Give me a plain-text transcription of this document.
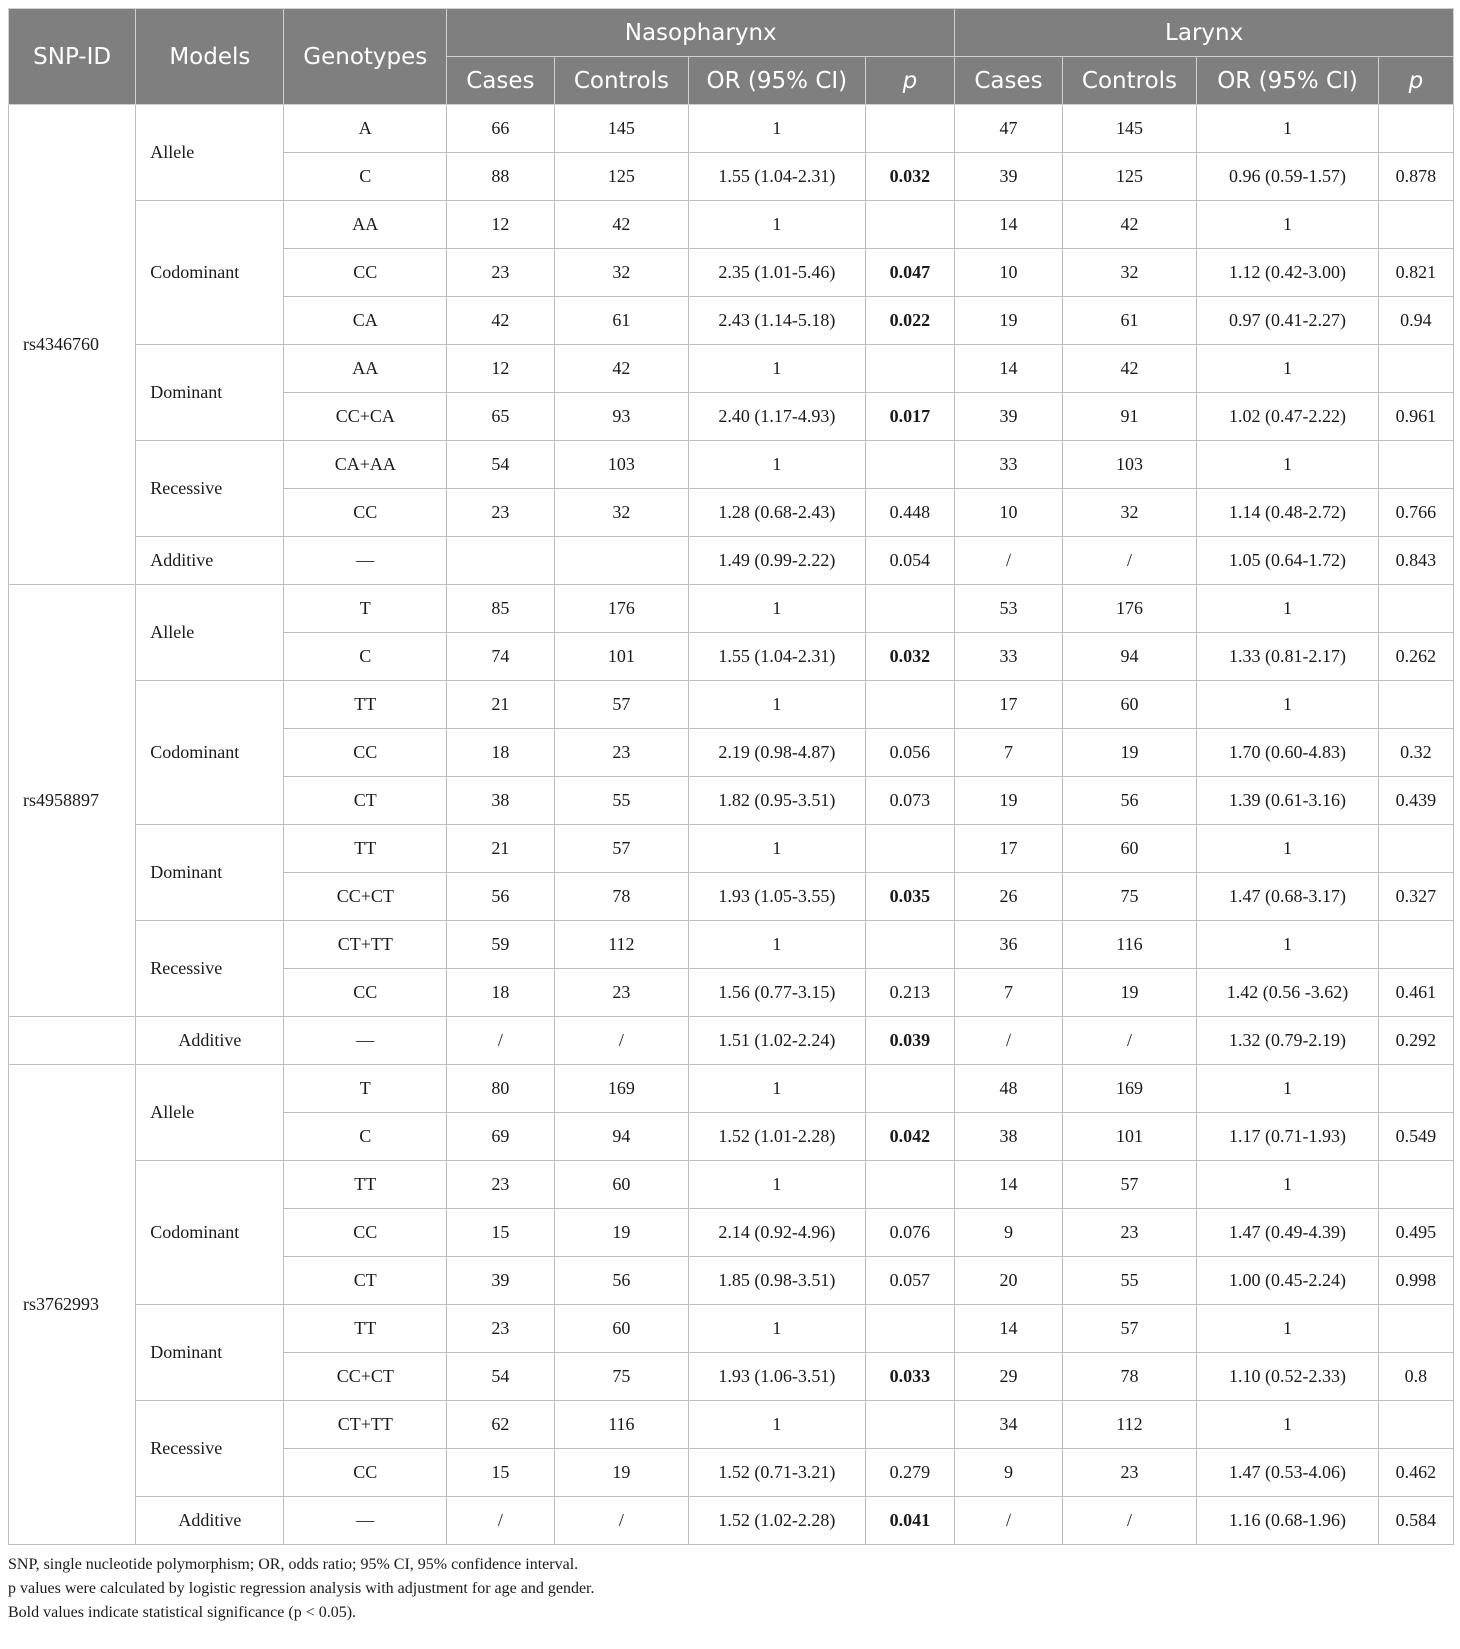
SNP-ID	Models	Genotypes	Nasopharynx				Larynx			
			Cases	Controls	OR (95% CI)	p	Cases	Controls	OR (95% CI)	p
rs4346760	Allele	A	66	145	1		47	145	1	
		C	88	125	1.55 (1.04-2.31)	0.032	39	125	0.96 (0.59-1.57)	0.878
	Codominant	AA	12	42	1		14	42	1	
		CC	23	32	2.35 (1.01-5.46)	0.047	10	32	1.12 (0.42-3.00)	0.821
		CA	42	61	2.43 (1.14-5.18)	0.022	19	61	0.97 (0.41-2.27)	0.94
	Dominant	AA	12	42	1		14	42	1	
		CC+CA	65	93	2.40 (1.17-4.93)	0.017	39	91	1.02 (0.47-2.22)	0.961
	Recessive	CA+AA	54	103	1		33	103	1	
		CC	23	32	1.28 (0.68-2.43)	0.448	10	32	1.14 (0.48-2.72)	0.766
	Additive	—			1.49 (0.99-2.22)	0.054	/	/	1.05 (0.64-1.72)	0.843
rs4958897	Allele	T	85	176	1		53	176	1	
		C	74	101	1.55 (1.04-2.31)	0.032	33	94	1.33 (0.81-2.17)	0.262
	Codominant	TT	21	57	1		17	60	1	
		CC	18	23	2.19 (0.98-4.87)	0.056	7	19	1.70 (0.60-4.83)	0.32
		CT	38	55	1.82 (0.95-3.51)	0.073	19	56	1.39 (0.61-3.16)	0.439
	Dominant	TT	21	57	1		17	60	1	
		CC+CT	56	78	1.93 (1.05-3.55)	0.035	26	75	1.47 (0.68-3.17)	0.327
	Recessive	CT+TT	59	112	1		36	116	1	
		CC	18	23	1.56 (0.77-3.15)	0.213	7	19	1.42 (0.56 -3.62)	0.461
	Additive	—	/	/	1.51 (1.02-2.24)	0.039	/	/	1.32 (0.79-2.19)	0.292
rs3762993	Allele	T	80	169	1		48	169	1	
		C	69	94	1.52 (1.01-2.28)	0.042	38	101	1.17 (0.71-1.93)	0.549
	Codominant	TT	23	60	1		14	57	1	
		CC	15	19	2.14 (0.92-4.96)	0.076	9	23	1.47 (0.49-4.39)	0.495
		CT	39	56	1.85 (0.98-3.51)	0.057	20	55	1.00 (0.45-2.24)	0.998
	Dominant	TT	23	60	1		14	57	1	
		CC+CT	54	75	1.93 (1.06-3.51)	0.033	29	78	1.10 (0.52-2.33)	0.8
	Recessive	CT+TT	62	116	1		34	112	1	
		CC	15	19	1.52 (0.71-3.21)	0.279	9	23	1.47 (0.53-4.06)	0.462
	Additive	—	/	/	1.52 (1.02-2.28)	0.041	/	/	1.16 (0.68-1.96)	0.584
SNP, single nucleotide polymorphism; OR, odds ratio; 95% CI, 95% confidence interval.
p values were calculated by logistic regression analysis with adjustment for age and gender.
Bold values indicate statistical significance (p < 0.05).
